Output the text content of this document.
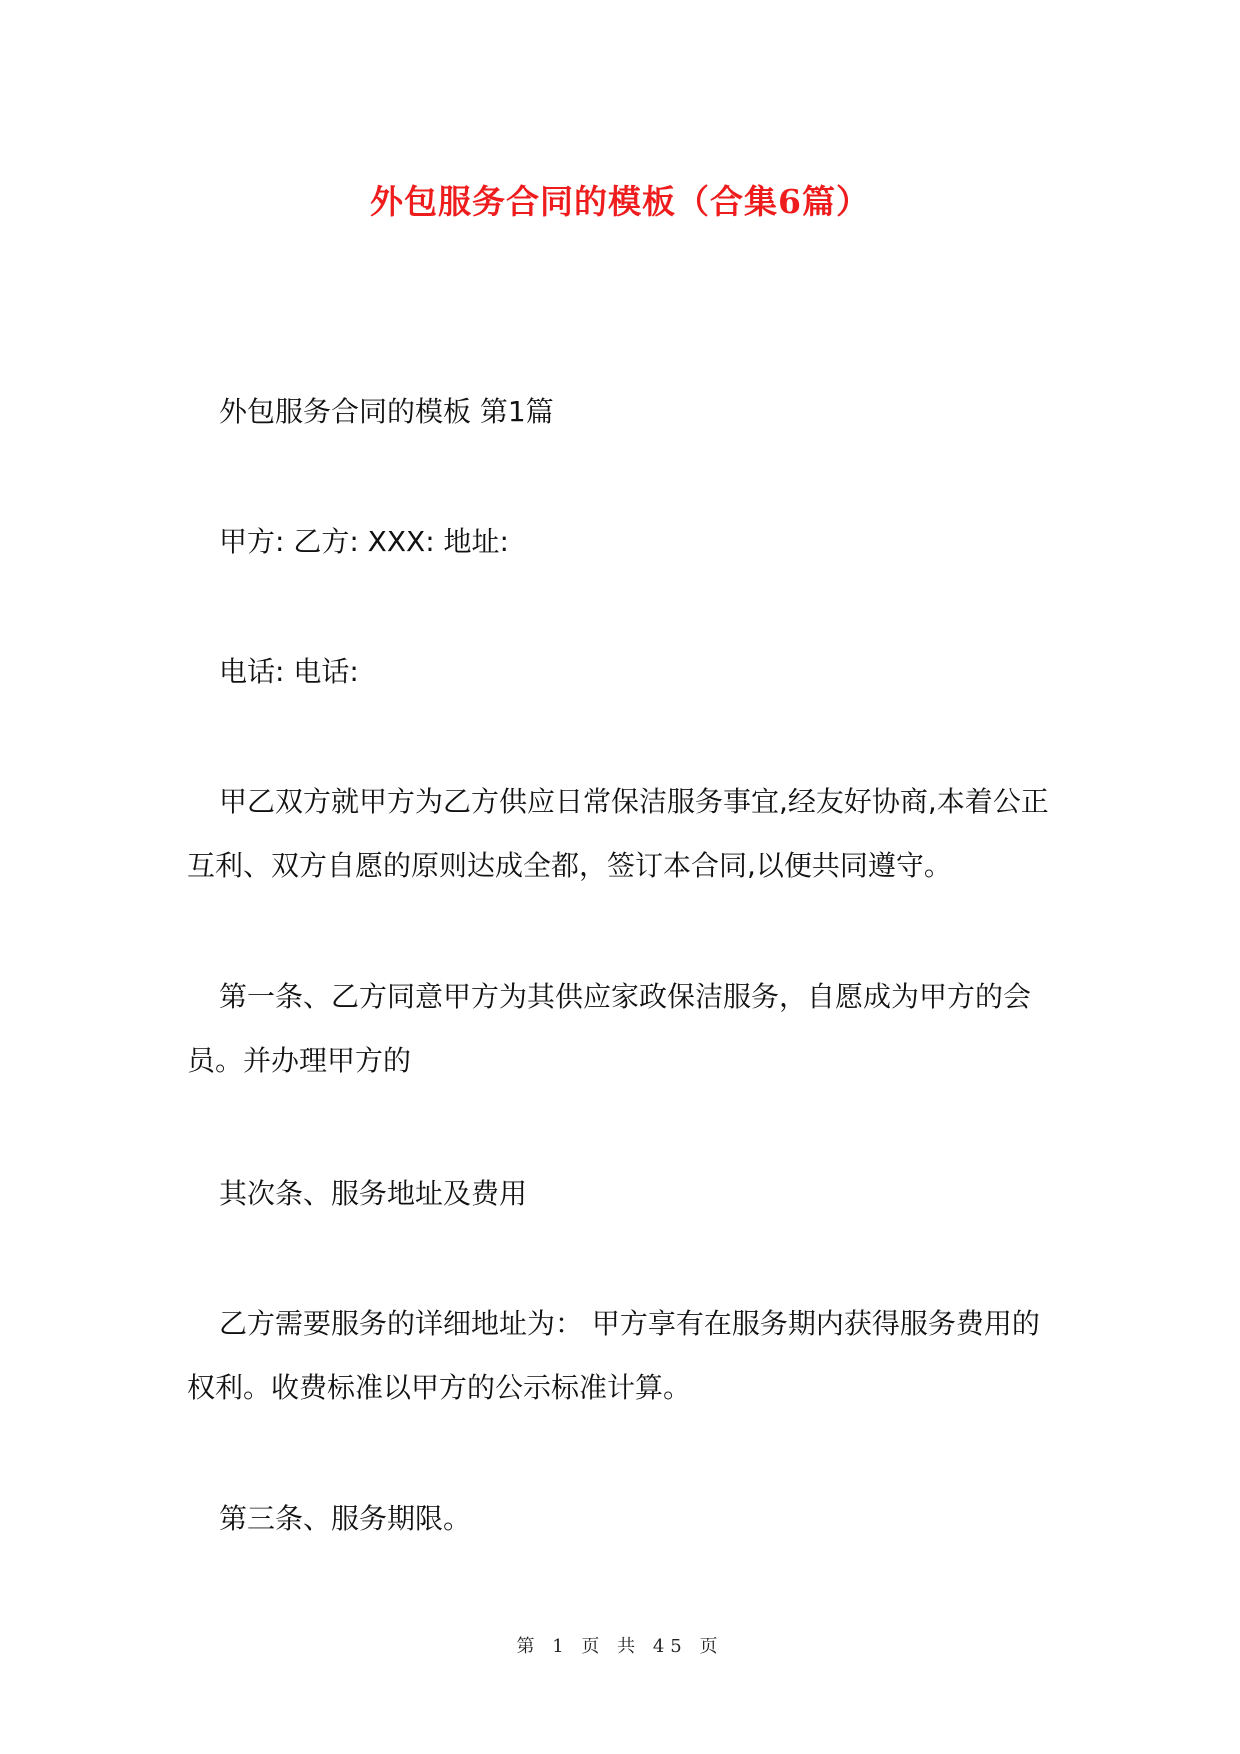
外包服务合同的模板（合集6篇）

外包服务合同的模板 第1篇

甲方: 乙方: XXX: 地址:

电话: 电话:

甲乙双方就甲方为乙方供应日常保洁服务事宜,经友好协商,本着公正互利、双方自愿的原则达成全都，签订本合同,以便共同遵守。

第一条、乙方同意甲方为其供应家政保洁服务，自愿成为甲方的会员。并办理甲方的

其次条、服务地址及费用

乙方需要服务的详细地址为： 甲方享有在服务期内获得服务费用的权利。收费标准以甲方的公示标准计算。

第三条、服务期限。

第 1 页 共 45 页
